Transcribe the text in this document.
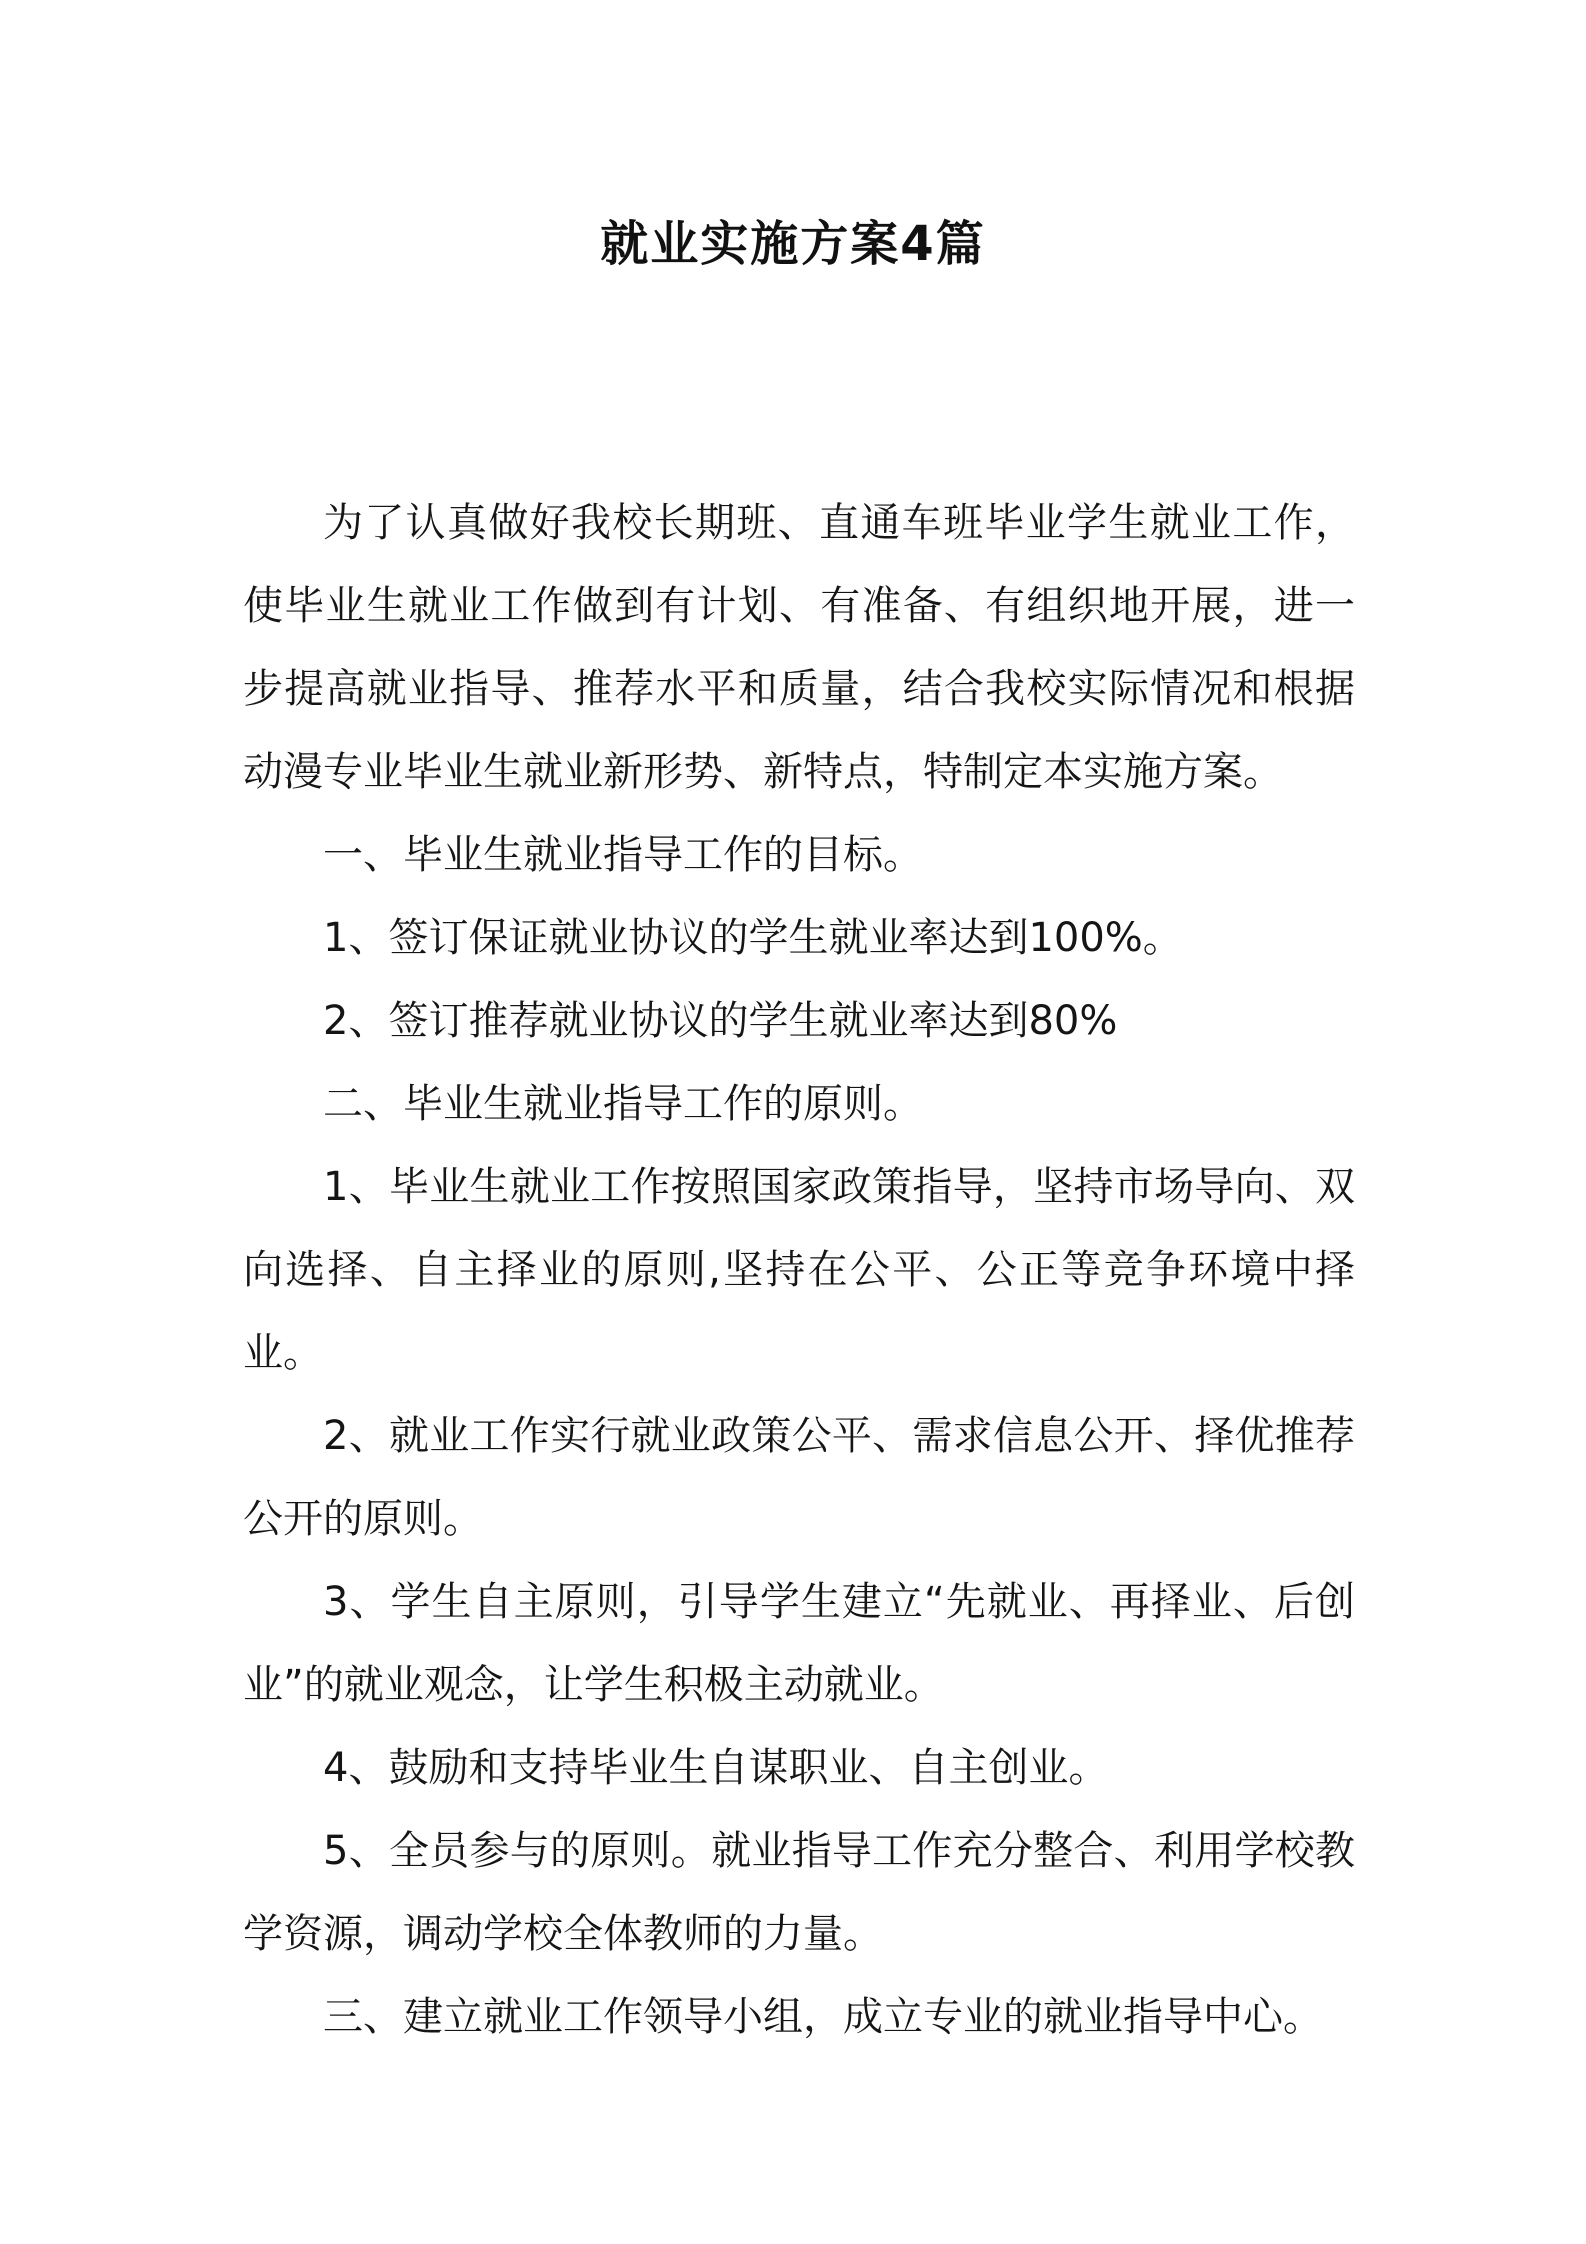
就业实施方案4篇

为了认真做好我校长期班、直通车班毕业学生就业工作，使毕业生就业工作做到有计划、有准备、有组织地开展，进一步提高就业指导、推荐水平和质量，结合我校实际情况和根据动漫专业毕业生就业新形势、新特点，特制定本实施方案。

一、毕业生就业指导工作的目标。

1、签订保证就业协议的学生就业率达到100%。

2、签订推荐就业协议的学生就业率达到80%

二、毕业生就业指导工作的原则。

1、毕业生就业工作按照国家政策指导，坚持市场导向、双向选择、自主择业的原则,坚持在公平、公正等竞争环境中择业。

2、就业工作实行就业政策公平、需求信息公开、择优推荐公开的原则。

3、学生自主原则，引导学生建立“先就业、再择业、后创业”的就业观念，让学生积极主动就业。

4、鼓励和支持毕业生自谋职业、自主创业。

5、全员参与的原则。就业指导工作充分整合、利用学校教学资源，调动学校全体教师的力量。

三、建立就业工作领导小组，成立专业的就业指导中心。
